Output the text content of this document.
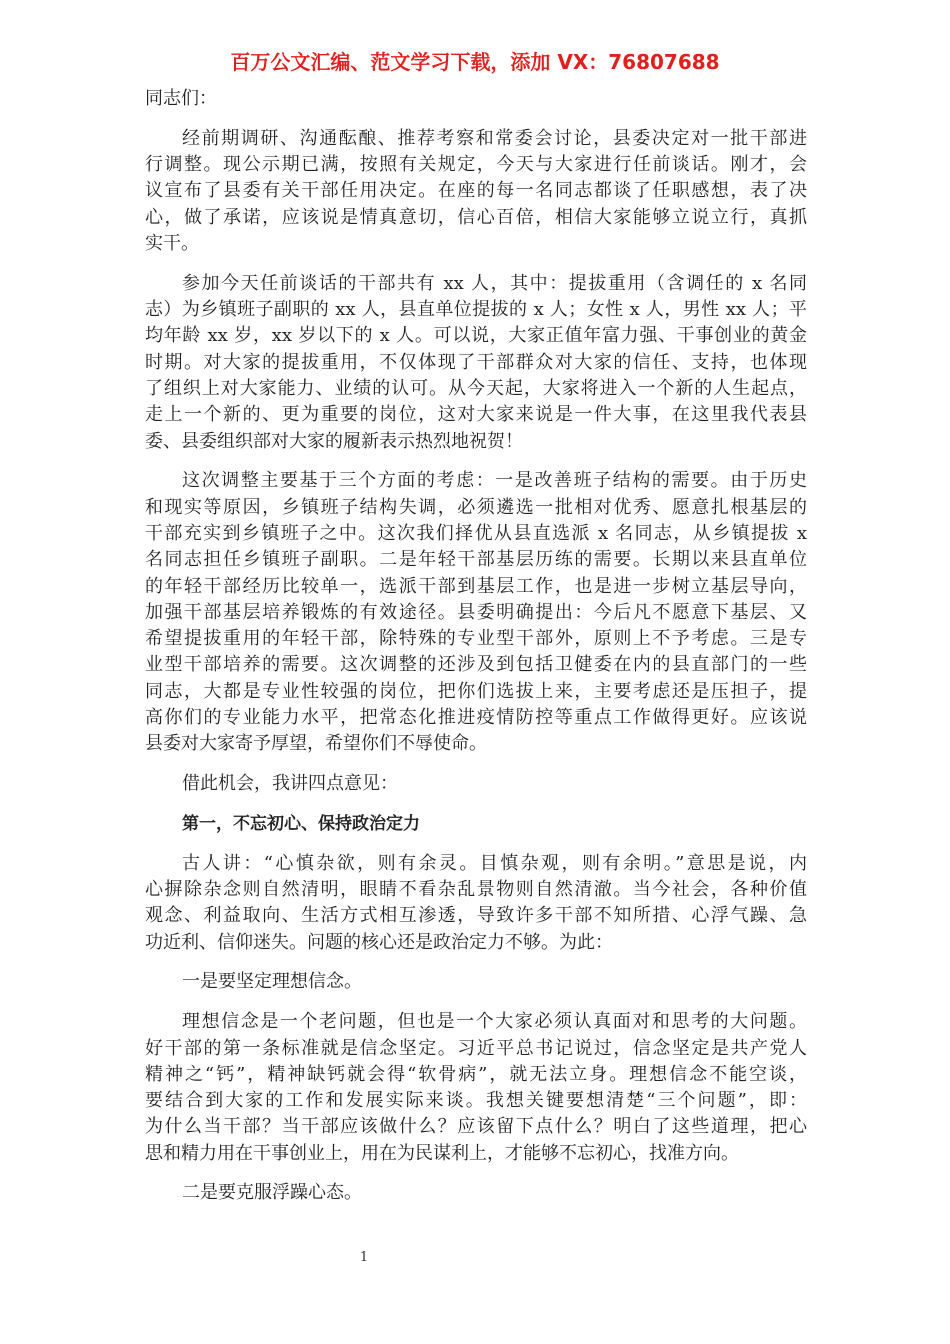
百万公文汇编、范文学习下载，添加 VX：76807688
同志们：
经前期调研、沟通酝酿、推荐考察和常委会讨论，县委决定对一批干部进
行调整。现公示期已满，按照有关规定，今天与大家进行任前谈话。刚才，会
议宣布了县委有关干部任用决定。在座的每一名同志都谈了任职感想，表了决
心，做了承诺，应该说是情真意切，信心百倍，相信大家能够立说立行，真抓
实干。
参加今天任前谈话的干部共有 xx 人，其中：提拔重用（含调任的 x 名同
志）为乡镇班子副职的 xx 人，县直单位提拔的 x 人；女性 x 人，男性 xx 人；平
均年龄 xx 岁，xx 岁以下的 x 人。可以说，大家正值年富力强、干事创业的黄金
时期。对大家的提拔重用，不仅体现了干部群众对大家的信任、支持，也体现
了组织上对大家能力、业绩的认可。从今天起，大家将进入一个新的人生起点，
走上一个新的、更为重要的岗位，这对大家来说是一件大事，在这里我代表县
委、县委组织部对大家的履新表示热烈地祝贺！
这次调整主要基于三个方面的考虑：一是改善班子结构的需要。由于历史
和现实等原因，乡镇班子结构失调，必须遴选一批相对优秀、愿意扎根基层的
干部充实到乡镇班子之中。这次我们择优从县直选派 x 名同志，从乡镇提拔 x
名同志担任乡镇班子副职。二是年轻干部基层历练的需要。长期以来县直单位
的年轻干部经历比较单一，选派干部到基层工作，也是进一步树立基层导向，
加强干部基层培养锻炼的有效途径。县委明确提出：今后凡不愿意下基层、又
希望提拔重用的年轻干部，除特殊的专业型干部外，原则上不予考虑。三是专
业型干部培养的需要。这次调整的还涉及到包括卫健委在内的县直部门的一些
同志，大都是专业性较强的岗位，把你们选拔上来，主要考虑还是压担子，提
高你们的专业能力水平，把常态化推进疫情防控等重点工作做得更好。应该说
县委对大家寄予厚望，希望你们不辱使命。
借此机会，我讲四点意见：
第一，不忘初心、保持政治定力
古人讲：“心慎杂欲，则有余灵。目慎杂观，则有余明。”意思是说，内
心摒除杂念则自然清明，眼睛不看杂乱景物则自然清澈。当今社会，各种价值
观念、利益取向、生活方式相互渗透，导致许多干部不知所措、心浮气躁、急
功近利、信仰迷失。问题的核心还是政治定力不够。为此：
一是要坚定理想信念。
理想信念是一个老问题，但也是一个大家必须认真面对和思考的大问题。
好干部的第一条标准就是信念坚定。习近平总书记说过，信念坚定是共产党人
精神之“钙”，精神缺钙就会得“软骨病”，就无法立身。理想信念不能空谈，
要结合到大家的工作和发展实际来谈。我想关键要想清楚“三个问题”，即：
为什么当干部？当干部应该做什么？应该留下点什么？明白了这些道理，把心
思和精力用在干事创业上，用在为民谋利上，才能够不忘初心，找准方向。
二是要克服浮躁心态。
1
